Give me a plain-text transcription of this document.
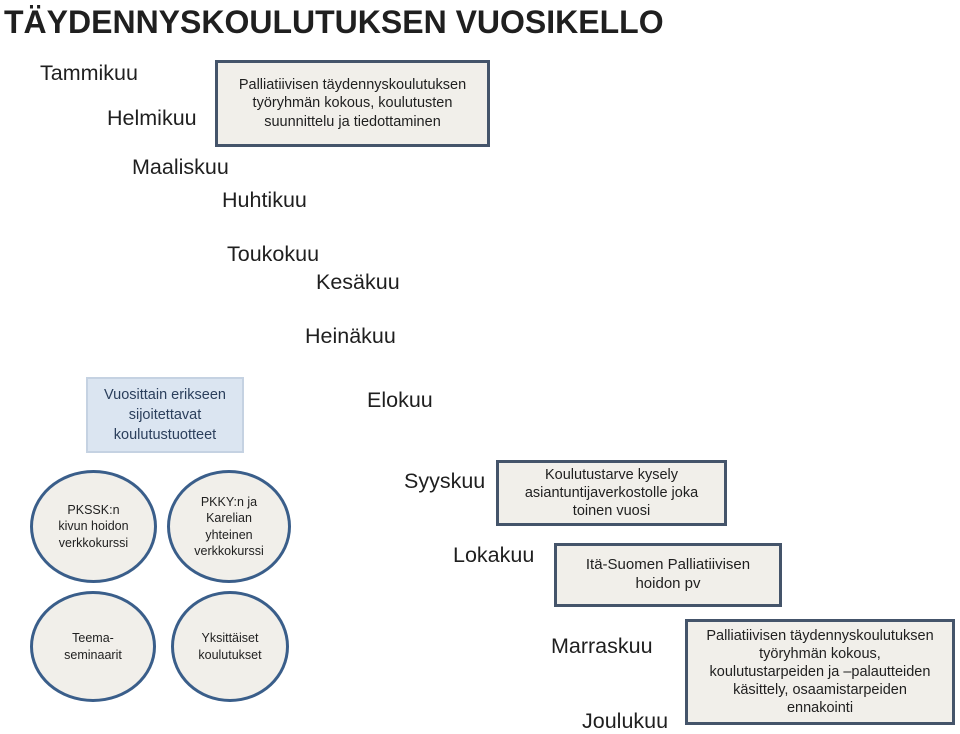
TÄYDENNYSKOULUTUKSEN VUOSIKELLO
Tammikuu
Helmikuu
Maaliskuu
Huhtikuu
Toukokuu
Kesäkuu
Heinäkuu
Elokuu
Syyskuu
Lokakuu
Marraskuu
Joulukuu
Palliatiivisen täydennyskoulutuksen
työryhmän kokous, koulutusten
suunnittelu ja tiedottaminen
Koulutustarve kysely
asiantuntijaverkostolle joka
toinen vuosi
Itä-Suomen Palliatiivisen
hoidon pv
Palliatiivisen täydennyskoulutuksen
työryhmän kokous,
koulutustarpeiden ja –palautteiden
käsittely, osaamistarpeiden
ennakointi
Vuosittain erikseen
sijoitettavat
koulutustuotteet
PKSSK:n
kivun hoidon
verkkokurssi
PKKY:n ja
Karelian
yhteinen
verkkokurssi
Teema-
seminaarit
Yksittäiset
koulutukset
